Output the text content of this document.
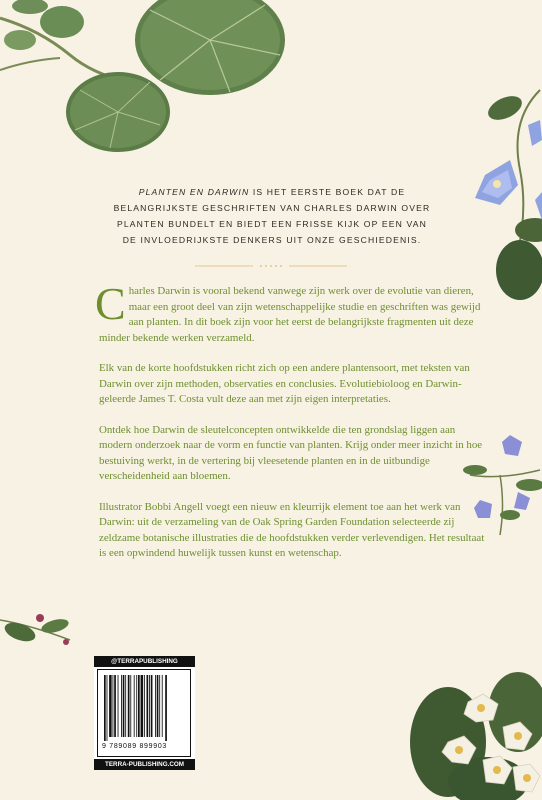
PLANTEN EN DARWIN IS HET EERSTE BOEK DAT DE BELANGRIJKSTE GESCHRIFTEN VAN CHARLES DARWIN OVER PLANTEN BUNDELT EN BIEDT EEN FRISSE KIJK OP EEN VAN DE INVLOEDRIJKSTE DENKERS UIT ONZE GESCHIEDENIS.

Charles Darwin is vooral bekend vanwege zijn werk over de evolutie van dieren, maar een groot deel van zijn wetenschappelijke studie en geschriften was gewijd aan planten. In dit boek zijn voor het eerst de belangrijkste fragmenten uit deze minder bekende werken verzameld.

Elk van de korte hoofdstukken richt zich op een andere plantensoort, met teksten van Darwin over zijn methoden, observaties en conclusies. Evolutiebioloog en Darwin-geleerde James T. Costa vult deze aan met zijn eigen interpretaties.

Ontdek hoe Darwin de sleutelconcepten ontwikkelde die ten grondslag liggen aan modern onderzoek naar de vorm en functie van planten. Krijg onder meer inzicht in hoe bestuiving werkt, in de vertering bij vleesetende planten en in de uitbundige verscheidenheid aan bloemen.

Illustrator Bobbi Angell voegt een nieuw en kleurrijk element toe aan het werk van Darwin: uit de verzameling van de Oak Spring Garden Foundation selecteerde zij zeldzame botanische illustraties die de hoofdstukken verder verlevendigen. Het resultaat is een opwindend huwelijk tussen kunst en wetenschap.

@TERRAPUBLISHING
9 789089 899903
TERRA-PUBLISHING.COM
